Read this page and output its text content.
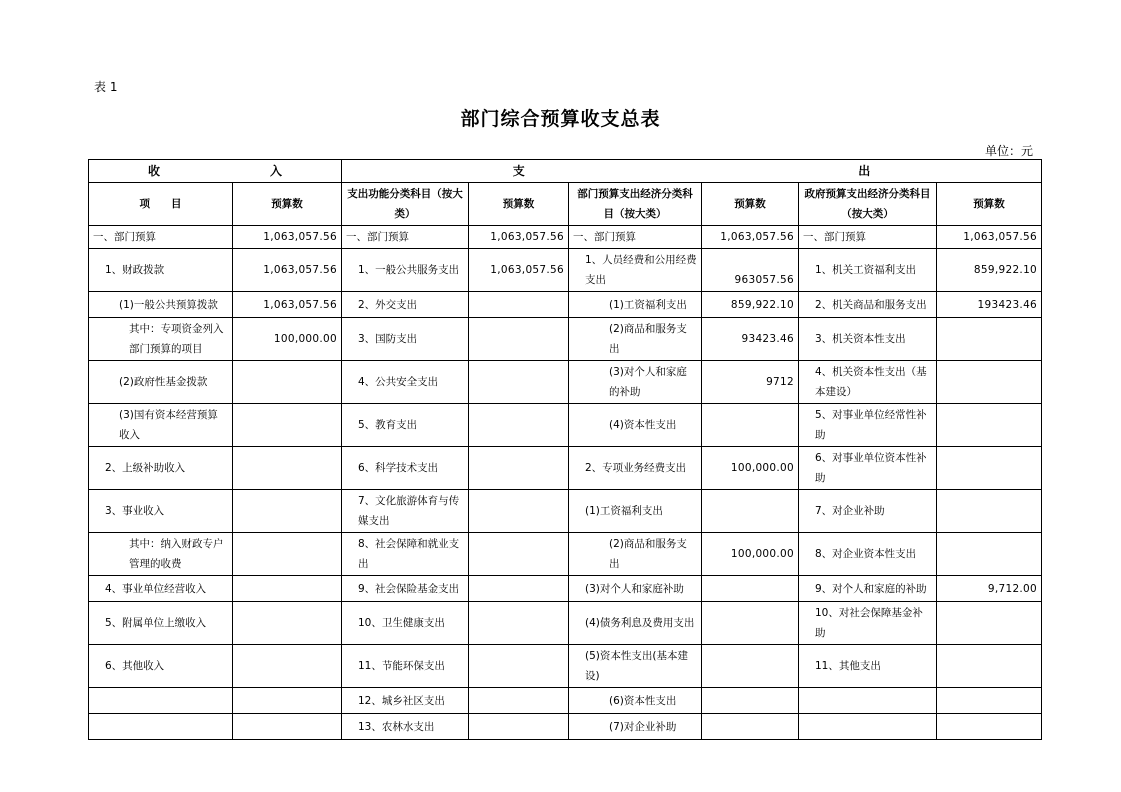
表 1
部门综合预算收支总表
单位：元
收 入		支 出					

项　　目	预算数	支出功能分类科目（按大类）	预算数	部门预算支出经济分类科目（按大类）	预算数	政府预算支出经济分类科目（按大类）	预算数
一、部门预算	1,063,057.56	一、部门预算	1,063,057.56	一、部门预算	1,063,057.56	一、部门预算	1,063,057.56
1、财政拨款	1,063,057.56	1、一般公共服务支出	1,063,057.56	1、人员经费和公用经费支出	963057.56	1、机关工资福利支出	859,922.10
(1)一般公共预算拨款	1,063,057.56	2、外交支出		(1)工资福利支出	859,922.10	2、机关商品和服务支出	193423.46
其中：专项资金列入部门预算的项目	100,000.00	3、国防支出		(2)商品和服务支出	93423.46	3、机关资本性支出	
(2)政府性基金拨款		4、公共安全支出		(3)对个人和家庭的补助	9712	4、机关资本性支出（基本建设）	
(3)国有资本经营预算收入		5、教育支出		(4)资本性支出		5、对事业单位经常性补助	
2、上级补助收入		6、科学技术支出		2、专项业务经费支出	100,000.00	6、对事业单位资本性补助	
3、事业收入		7、文化旅游体育与传媒支出		(1)工资福利支出		7、对企业补助	
其中：纳入财政专户管理的收费		8、社会保障和就业支出		(2)商品和服务支出	100,000.00	8、对企业资本性支出	
4、事业单位经营收入		9、社会保险基金支出		(3)对个人和家庭补助		9、对个人和家庭的补助	9,712.00
5、附属单位上缴收入		10、卫生健康支出		(4)债务利息及费用支出		10、对社会保障基金补助	
6、其他收入		11、节能环保支出		(5)资本性支出(基本建设)		11、其他支出	
		12、城乡社区支出		(6)资本性支出			
		13、农林水支出		(7)对企业补助			
